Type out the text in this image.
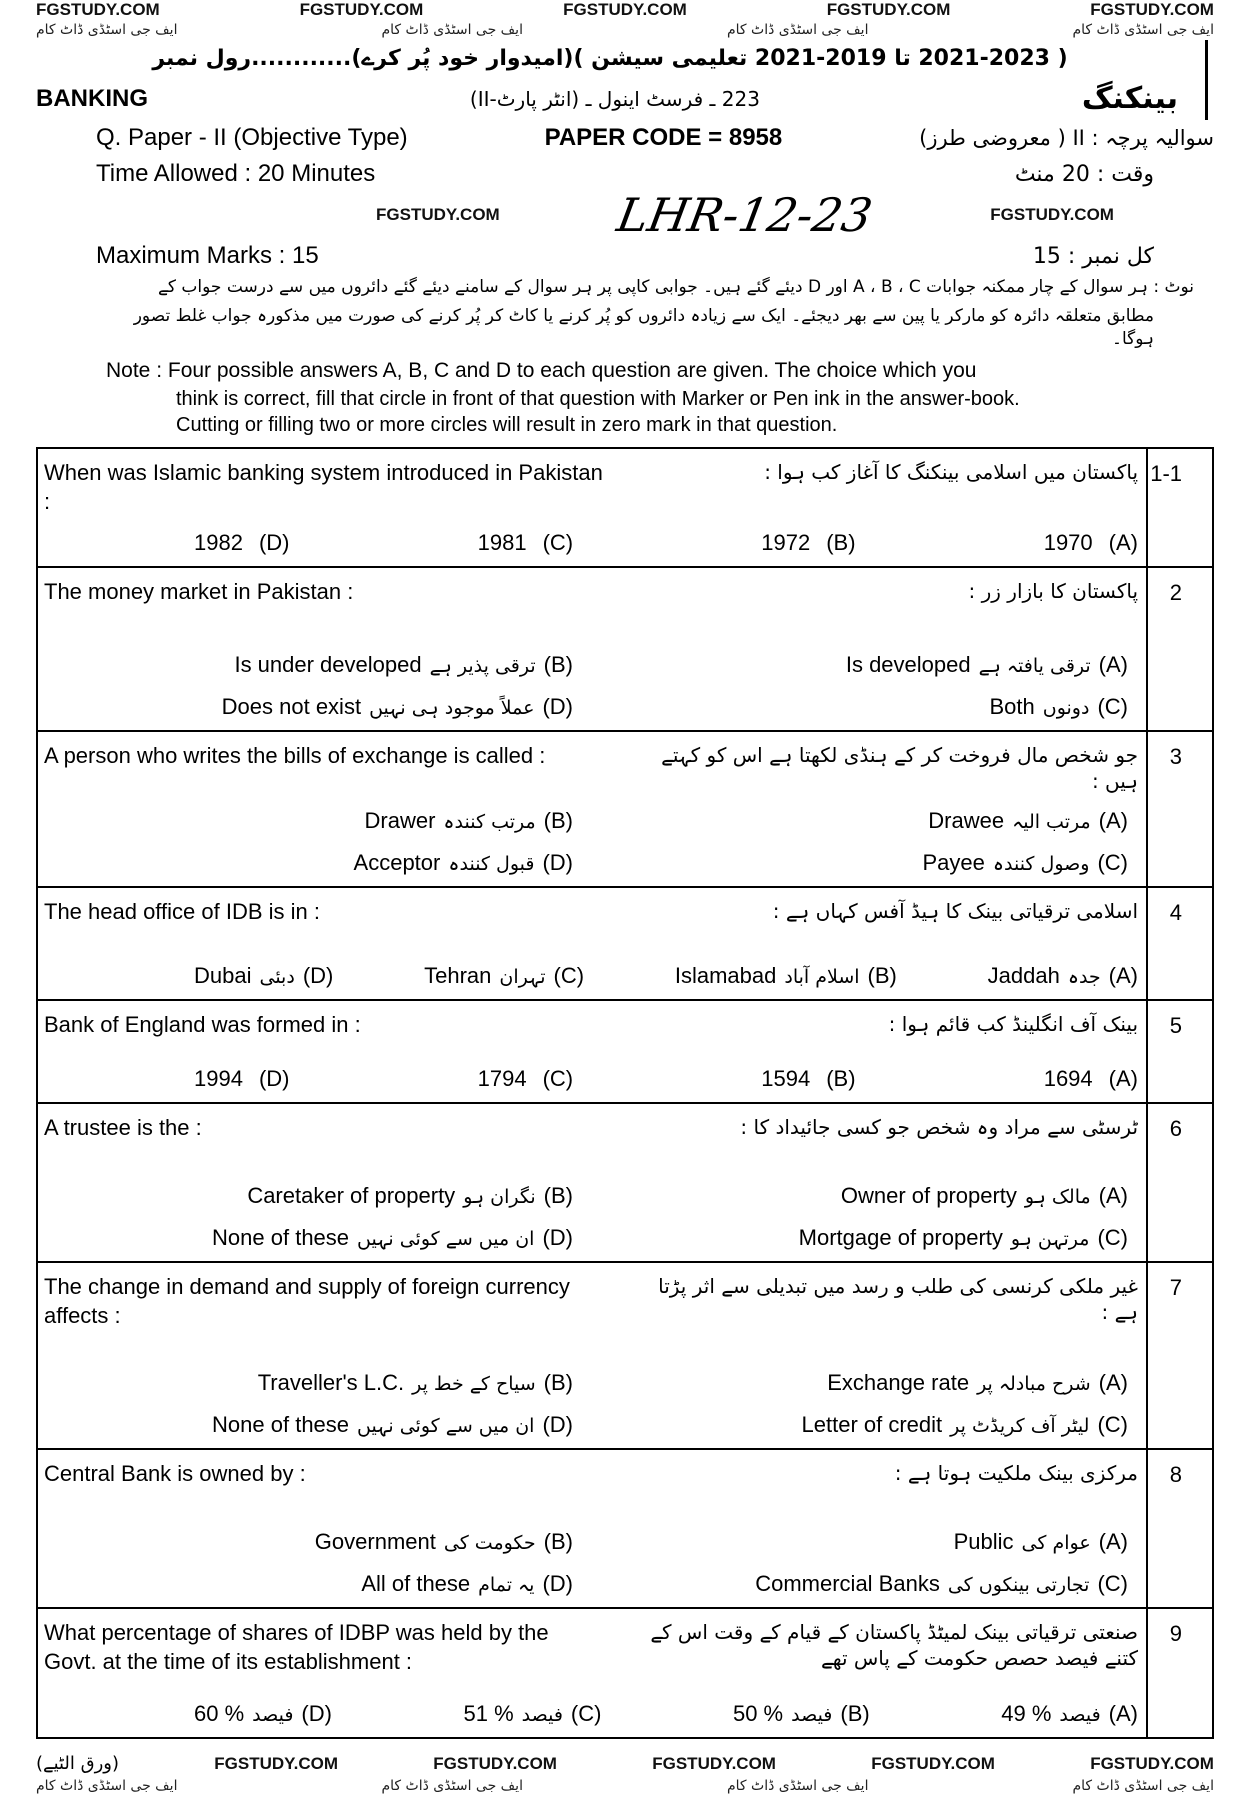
FGSTUDY.COM	FGSTUDY.COM	FGSTUDY.COM	FGSTUDY.COM	FGSTUDY.COM
ایف جی اسٹڈی ڈاٹ کام	ایف جی اسٹڈی ڈاٹ کام	ایف جی اسٹڈی ڈاٹ کام	ایف جی اسٹڈی ڈاٹ کام
( 2021-2023 تا 2019-2021 تعلیمی سیشن )(امیدوار خود پُر کرے)............رول نمبر
BANKING	223 ـ فرسٹ اینول ـ (انٹر پارٹ-II)	بینکنگ
Q. Paper - II (Objective Type)	PAPER CODE = 8958	سوالیہ پرچہ : II ( معروضی طرز)
Time Allowed : 20 Minutes	وقت : 20 منٹ
FGSTUDY.COM LHR-12-23	FGSTUDY.COM
Maximum Marks : 15	کل نمبر : 15
نوٹ : ہر سوال کے چار ممکنہ جوابات A ، B ، C اور D دیئے گئے ہیں۔ جوابی کاپی پر ہر سوال کے سامنے دیئے گئے دائروں میں سے درست جواب کے
مطابق متعلقہ دائرہ کو مارکر یا پین سے بھر دیجئے۔ ایک سے زیادہ دائروں کو پُر کرنے یا کاٹ کر پُر کرنے کی صورت میں مذکورہ جواب غلط تصور ہوگا۔
Note : Four possible answers A, B, C and D to each question are given. The choice which you
think is correct, fill that circle in front of that question with Marker or Pen ink in the answer-book.
Cutting or filling two or more circles will result in zero mark in that question.
1-1
When was Islamic banking system introduced in Pakistan :
پاکستان میں اسلامی بینکنگ کا آغاز کب ہوا :
1970 (A)
1972 (B)
1981 (C)
1982 (D)
2
The money market in Pakistan :	پاکستان کا بازار زر :
Is developed ترقی یافتہ ہے (A)
Is under developed ترقی پذیر ہے (B)
Both دونوں (C)
Does not exist عملاً موجود ہی نہیں (D)
3
A person who writes the bills of exchange is called :	جو شخص مال فروخت کر کے ہنڈی لکھتا ہے اس کو کہتے ہیں :
Drawee مرتب الیہ (A)
Drawer مرتب کنندہ (B)
Payee وصول کنندہ (C)
Acceptor قبول کنندہ (D)
4
The head office of IDB is in :	اسلامی ترقیاتی بینک کا ہیڈ آفس کہاں ہے :
Jaddah جدہ (A)
Islamabad اسلام آباد (B)
Tehran تہران (C)
Dubai دبئی (D)
5
Bank of England was formed in :	بینک آف انگلینڈ کب قائم ہوا :
1694 (A)
1594 (B)
1794 (C)
1994 (D)
6
A trustee is the :	ٹرسٹی سے مراد وہ شخص جو کسی جائیداد کا :
Owner of property مالک ہو (A)
Caretaker of property نگران ہو (B)
Mortgage of property مرتہن ہو (C)
None of these ان میں سے کوئی نہیں (D)
7
The change in demand and supply of foreign currency affects :
غیر ملکی کرنسی کی طلب و رسد میں تبدیلی سے اثر پڑتا ہے :
Exchange rate شرح مبادلہ پر (A)
Traveller's L.C. سیاح کے خط پر (B)
Letter of credit لیٹر آف کریڈٹ پر (C)
None of these ان میں سے کوئی نہیں (D)
8
Central Bank is owned by :	مرکزی بینک ملکیت ہوتا ہے :
Public عوام کی (A)
Government حکومت کی (B)
Commercial Banks تجارتی بینکوں کی (C)
All of these یہ تمام (D)
9
What percentage of shares of IDBP was held by the Govt. at the time of its establishment :
صنعتی ترقیاتی بینک لمیٹڈ پاکستان کے قیام کے وقت اس کے کتنے فیصد حصص حکومت کے پاس تھے
49 % فیصد (A)
50 % فیصد (B)
51 % فیصد (C)
60 % فیصد (D)
(ورق الٹیے)	FGSTUDY.COM	FGSTUDY.COM	FGSTUDY.COM	FGSTUDY.COM	FGSTUDY.COM
ایف جی اسٹڈی ڈاٹ کام	ایف جی اسٹڈی ڈاٹ کام	ایف جی اسٹڈی ڈاٹ کام	ایف جی اسٹڈی ڈاٹ کام
